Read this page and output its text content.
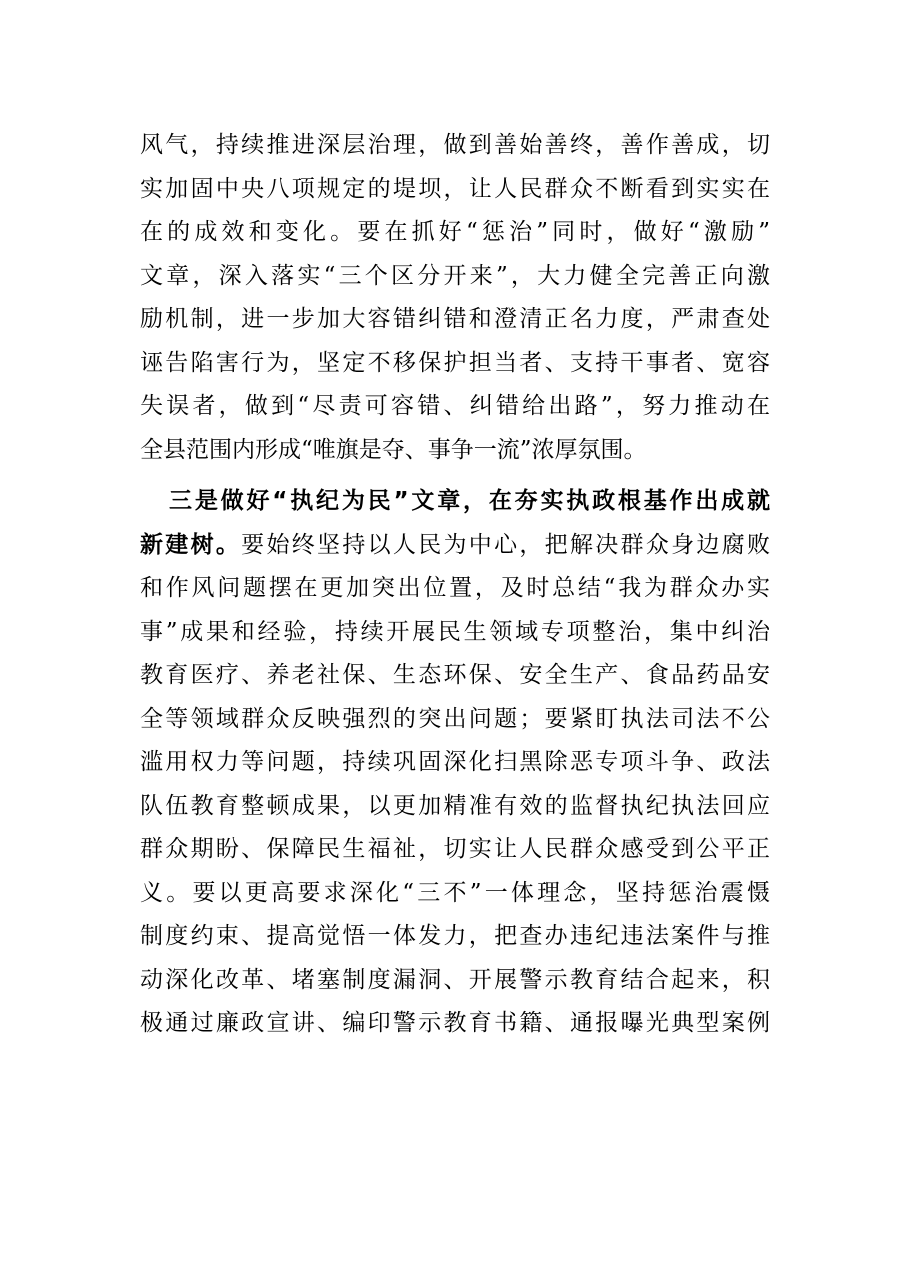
风气，持续推进深层治理，做到善始善终，善作善成，切
实加固中央八项规定的堤坝，让人民群众不断看到实实在
在的成效和变化。要在抓好“惩治”同时，做好“激励”
文章，深入落实“三个区分开来”，大力健全完善正向激
励机制，进一步加大容错纠错和澄清正名力度，严肃查处
诬告陷害行为，坚定不移保护担当者、支持干事者、宽容
失误者，做到“尽责可容错、纠错给出路”，努力推动在
全县范围内形成“唯旗是夺、事争一流”浓厚氛围。
三是做好“执纪为民”文章，在夯实执政根基作出成就
新建树。要始终坚持以人民为中心，把解决群众身边腐败
和作风问题摆在更加突出位置，及时总结“我为群众办实
事”成果和经验，持续开展民生领域专项整治，集中纠治
教育医疗、养老社保、生态环保、安全生产、食品药品安
全等领域群众反映强烈的突出问题；要紧盯执法司法不公
滥用权力等问题，持续巩固深化扫黑除恶专项斗争、政法
队伍教育整顿成果，以更加精准有效的监督执纪执法回应
群众期盼、保障民生福祉，切实让人民群众感受到公平正
义。要以更高要求深化“三不”一体理念，坚持惩治震慑
制度约束、提高觉悟一体发力，把查办违纪违法案件与推
动深化改革、堵塞制度漏洞、开展警示教育结合起来，积
极通过廉政宣讲、编印警示教育书籍、通报曝光典型案例
